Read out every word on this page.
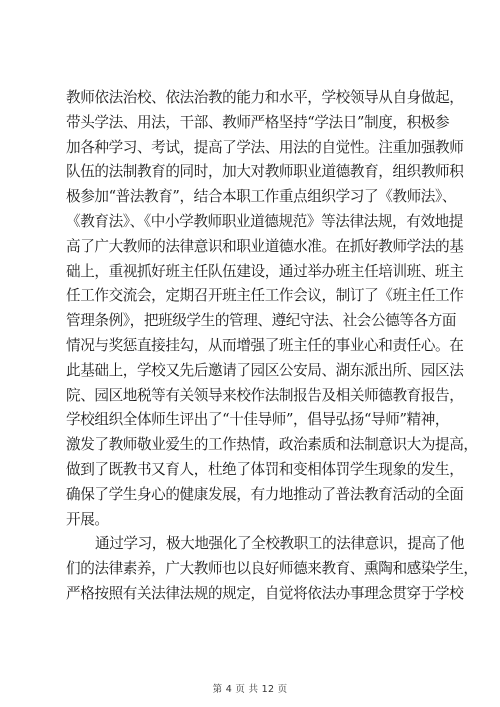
教师依法治校、依法治教的能力和水平，学校领导从自身做起，
带头学法、用法，干部、教师严格坚持“学法日”制度，积极参
加各种学习、考试，提高了学法、用法的自觉性。注重加强教师
队伍的法制教育的同时，加大对教师职业道德教育，组织教师积
极参加“普法教育”，结合本职工作重点组织学习了《教师法》、
《教育法》、《中小学教师职业道德规范》等法律法规，有效地提
高了广大教师的法律意识和职业道德水准。在抓好教师学法的基
础上，重视抓好班主任队伍建设，通过举办班主任培训班、班主
任工作交流会，定期召开班主任工作会议，制订了《班主任工作
管理条例》，把班级学生的管理、遵纪守法、社会公德等各方面
情况与奖惩直接挂勾，从而增强了班主任的事业心和责任心。在
此基础上，学校又先后邀请了园区公安局、湖东派出所、园区法
院、园区地税等有关领导来校作法制报告及相关师德教育报告，
学校组织全体师生评出了“十佳导师”，倡导弘扬“导师”精神，
激发了教师敬业爱生的工作热情，政治素质和法制意识大为提高，
做到了既教书又育人，杜绝了体罚和变相体罚学生现象的发生，
确保了学生身心的健康发展，有力地推动了普法教育活动的全面
开展。
通过学习，极大地强化了全校教职工的法律意识，提高了他
们的法律素养，广大教师也以良好师德来教育、熏陶和感染学生，
严格按照有关法律法规的规定，自觉将依法办事理念贯穿于学校
第 4 页 共 12 页
